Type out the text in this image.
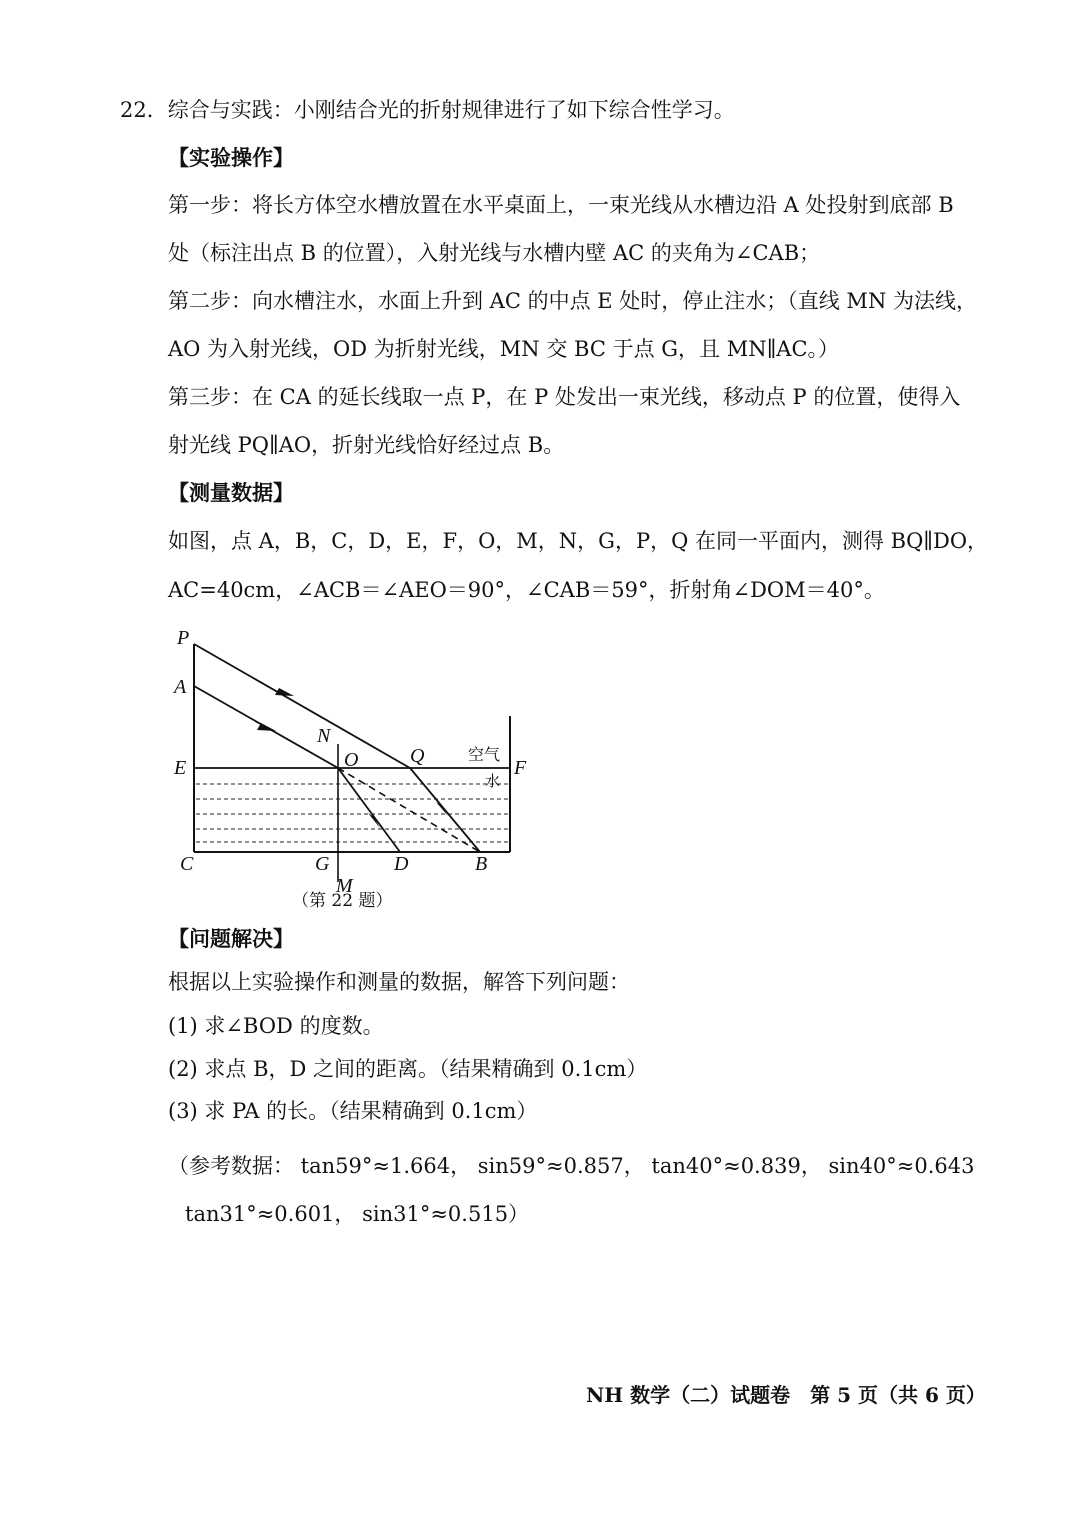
22．综合与实践：小刚结合光的折射规律进行了如下综合性学习。
【实验操作】
第一步：将长方体空水槽放置在水平桌面上，一束光线从水槽边沿 A 处投射到底部 B
处（标注出点 B 的位置），入射光线与水槽内壁 AC 的夹角为∠CAB；
第二步：向水槽注水，水面上升到 AC 的中点 E 处时，停止注水；（直线 MN 为法线，
AO 为入射光线，OD 为折射光线，MN 交 BC 于点 G，且 MN∥AC。）
第三步：在 CA 的延长线取一点 P，在 P 处发出一束光线，移动点 P 的位置，使得入
射光线 PQ∥AO，折射光线恰好经过点 B。
【测量数据】
如图，点 A，B，C，D，E，F，O，M，N，G，P，Q 在同一平面内，测得 BQ∥DO，
AC=40cm，∠ACB＝∠AEO＝90°，∠CAB＝59°，折射角∠DOM＝40°。
P
A
N
E	O	Q
F
C	G	D	B
M
空气
水
（第 22 题）
【问题解决】
根据以上实验操作和测量的数据，解答下列问题：
(1) 求∠BOD 的度数。
(2) 求点 B，D 之间的距离。（结果精确到 0.1cm）
(3) 求 PA 的长。（结果精确到 0.1cm）
（参考数据： tan59°≈1.664， sin59°≈0.857， tan40°≈0.839， sin40°≈0.643
tan31°≈0.601， sin31°≈0.515）
NH 数学（二）试题卷　第 5 页（共 6 页）
